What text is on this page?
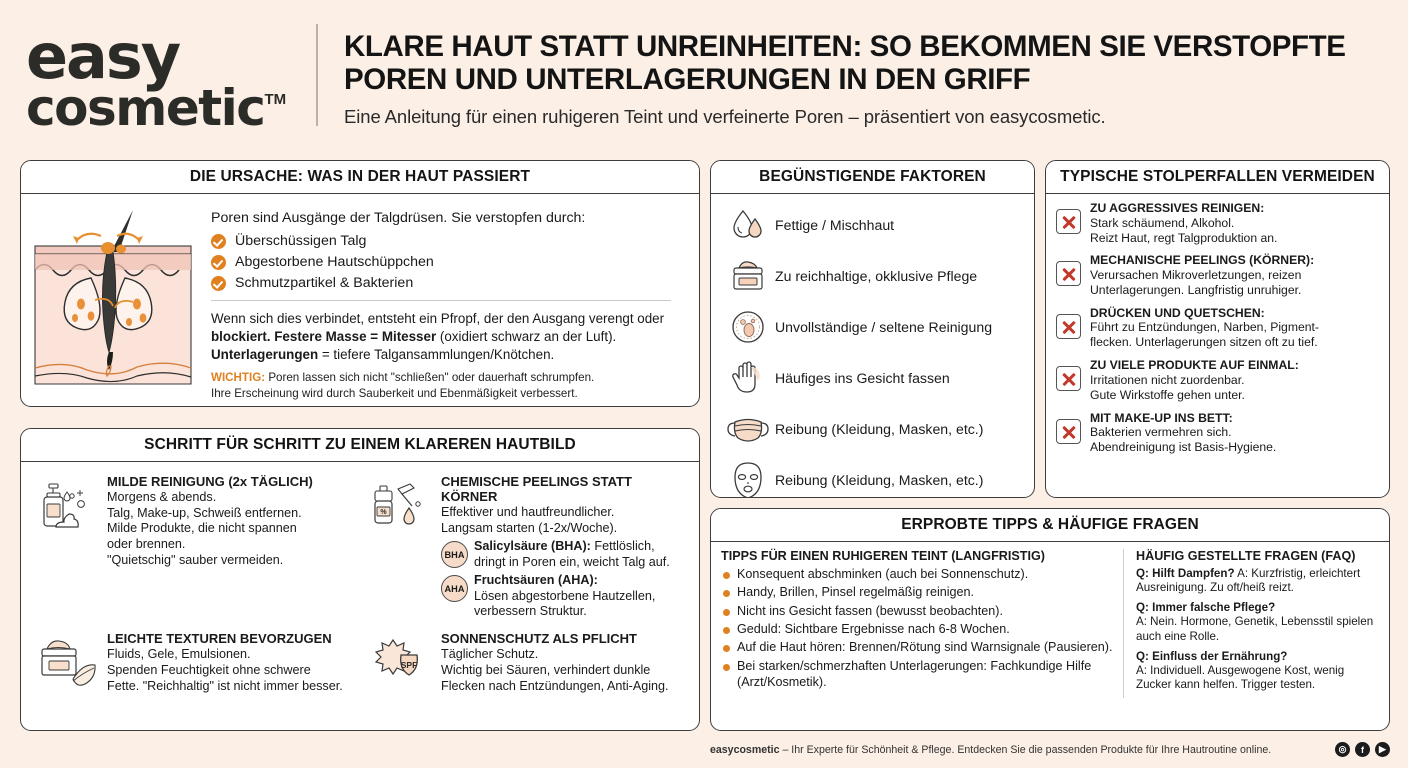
easy
cosmetic TM
KLARE HAUT STATT UNREINHEITEN: SO BEKOMMEN SIE VERSTOPFTE POREN UND UNTERLAGERUNGEN IN DEN GRIFF
Eine Anleitung für einen ruhigeren Teint und verfeinerte Poren – präsentiert von easycosmetic.
DIE URSACHE: WAS IN DER HAUT PASSIERT
Poren sind Ausgänge der Talgdrüsen. Sie verstopfen durch:
Überschüssigen Talg
Abgestorbene Hautschüppchen
Schmutzpartikel & Bakterien
Wenn sich dies verbindet, entsteht ein Pfropf, der den Ausgang verengt oder blockiert. Festere Masse = Mitesser (oxidiert schwarz an der Luft). Unterlagerungen = tiefere Talgansammlungen/Knötchen.
WICHTIG: Poren lassen sich nicht "schließen" oder dauerhaft schrumpfen.
Ihre Erscheinung wird durch Sauberkeit und Ebenmäßigkeit verbessert.
BEGÜNSTIGENDE FAKTOREN
Fettige / Mischhaut
Zu reichhaltige, okklusive Pflege
Unvollständige / seltene Reinigung
Häufiges ins Gesicht fassen
Reibung (Kleidung, Masken, etc.)
Reibung (Kleidung, Masken, etc.)
TYPISCHE STOLPERFALLEN VERMEIDEN
ZU AGGRESSIVES REINIGEN:
Stark schäumend, Alkohol.
Reizt Haut, regt Talgproduktion an.
MECHANISCHE PEELINGS (KÖRNER):
Verursachen Mikroverletzungen, reizen
Unterlagerungen. Langfristig unruhiger.
DRÜCKEN UND QUETSCHEN:
Führt zu Entzündungen, Narben, Pigment-
flecken. Unterlagerungen sitzen oft zu tief.
ZU VIELE PRODUKTE AUF EINMAL:
Irritationen nicht zuordenbar.
Gute Wirkstoffe gehen unter.
MIT MAKE-UP INS BETT:
Bakterien vermehren sich.
Abendreinigung ist Basis-Hygiene.
SCHRITT FÜR SCHRITT ZU EINEM KLAREREN HAUTBILD
MILDE REINIGUNG (2x TÄGLICH)
Morgens & abends.
Talg, Make-up, Schweiß entfernen.
Milde Produkte, die nicht spannen
oder brennen.
"Quietschig" sauber vermeiden.
%
CHEMISCHE PEELINGS STATT KÖRNER
Effektiver und hautfreundlicher.
Langsam starten (1-2x/Woche).
BHA
Salicylsäure (BHA): Fettlöslich,
dringt in Poren ein, weicht Talg auf.
AHA
Fruchtsäuren (AHA):
Lösen abgestorbene Hautzellen,
verbessern Struktur.
LEICHTE TEXTUREN BEVORZUGEN
Fluids, Gele, Emulsionen.
Spenden Feuchtigkeit ohne schwere
Fette. "Reichhaltig" ist nicht immer besser.
SPF
SONNENSCHUTZ ALS PFLICHT
Täglicher Schutz.
Wichtig bei Säuren, verhindert dunkle
Flecken nach Entzündungen, Anti-Aging.
ERPROBTE TIPPS & HÄUFIGE FRAGEN
TIPPS FÜR EINEN RUHIGEREN TEINT (LANGFRISTIG)
Konsequent abschminken (auch bei Sonnenschutz).
Handy, Brillen, Pinsel regelmäßig reinigen.
Nicht ins Gesicht fassen (bewusst beobachten).
Geduld: Sichtbare Ergebnisse nach 6-8 Wochen.
Auf die Haut hören: Brennen/Rötung sind Warnsignale (Pausieren).
Bei starken/schmerzhaften Unterlagerungen: Fachkundige Hilfe (Arzt/Kosmetik).
HÄUFIG GESTELLTE FRAGEN (FAQ)
Q: Hilft Dampfen? A: Kurzfristig, erleichtert Ausreinigung. Zu oft/heiß reizt.
Q: Immer falsche Pflege?
A: Nein. Hormone, Genetik, Lebensstil spielen auch eine Rolle.
Q: Einfluss der Ernährung?
A: Individuell. Ausgewogene Kost, wenig Zucker kann helfen. Trigger testen.
easycosmetic – Ihr Experte für Schönheit & Pflege. Entdecken Sie die passenden Produkte für Ihre Hautroutine online.	◎	f	▶
